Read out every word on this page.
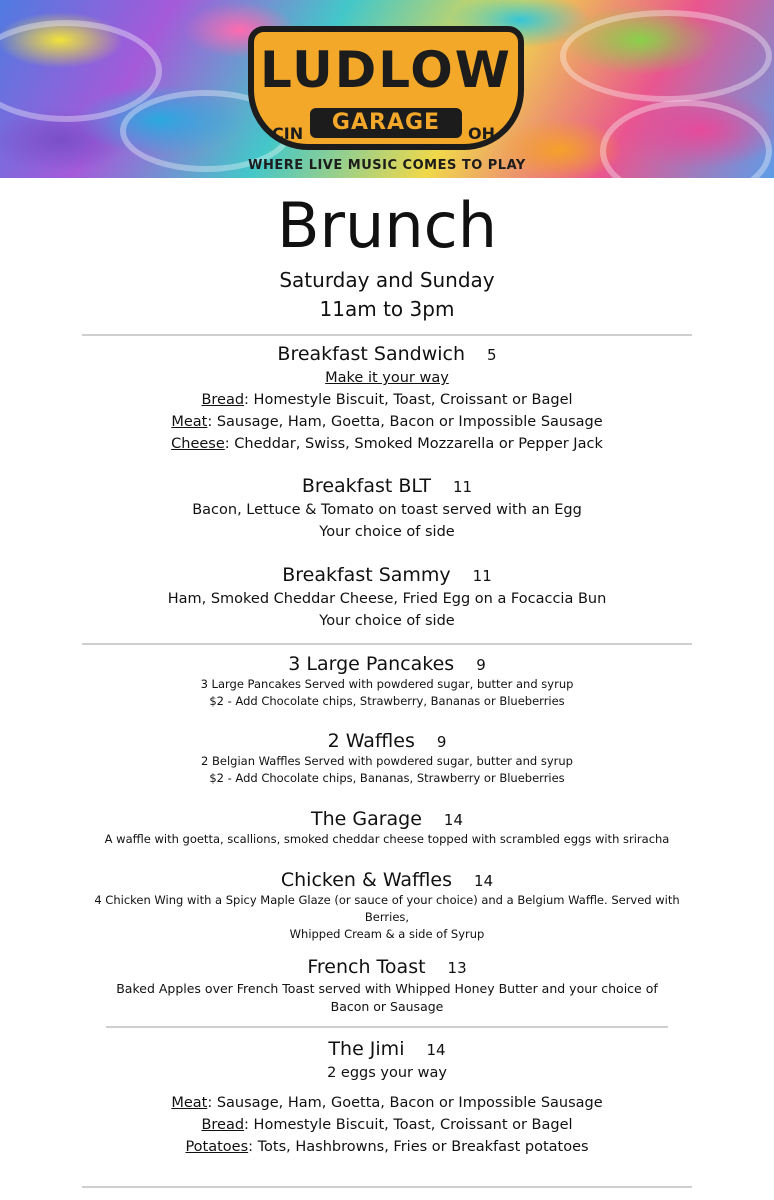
LUDLOW
GARAGE
CIN	OH.
WHERE LIVE MUSIC COMES TO PLAY
Brunch
Saturday and Sunday
11am to 3pm
Breakfast Sandwich 5
Make it your way
Bread: Homestyle Biscuit, Toast, Croissant or Bagel
Meat: Sausage, Ham, Goetta, Bacon or Impossible Sausage
Cheese: Cheddar, Swiss, Smoked Mozzarella or Pepper Jack
Breakfast BLT 11
Bacon, Lettuce & Tomato on toast served with an Egg
Your choice of side
Breakfast Sammy 11
Ham, Smoked Cheddar Cheese, Fried Egg on a Focaccia Bun
Your choice of side
3 Large Pancakes 9
3 Large Pancakes Served with powdered sugar, butter and syrup
$2 - Add Chocolate chips, Strawberry, Bananas or Blueberries
2 Waffles 9
2 Belgian Waffles Served with powdered sugar, butter and syrup
$2 - Add Chocolate chips, Bananas, Strawberry or Blueberries
The Garage 14
A waffle with goetta, scallions, smoked cheddar cheese topped with scrambled eggs with sriracha
Chicken & Waffles 14
4 Chicken Wing with a Spicy Maple Glaze (or sauce of your choice) and a Belgium Waffle. Served with
Berries,
Whipped Cream & a side of Syrup
French Toast 13
Baked Apples over French Toast served with Whipped Honey Butter and your choice of
Bacon or Sausage
The Jimi 14
2 eggs your way
Meat: Sausage, Ham, Goetta, Bacon or Impossible Sausage
Bread: Homestyle Biscuit, Toast, Croissant or Bagel
Potatoes: Tots, Hashbrowns, Fries or Breakfast potatoes
